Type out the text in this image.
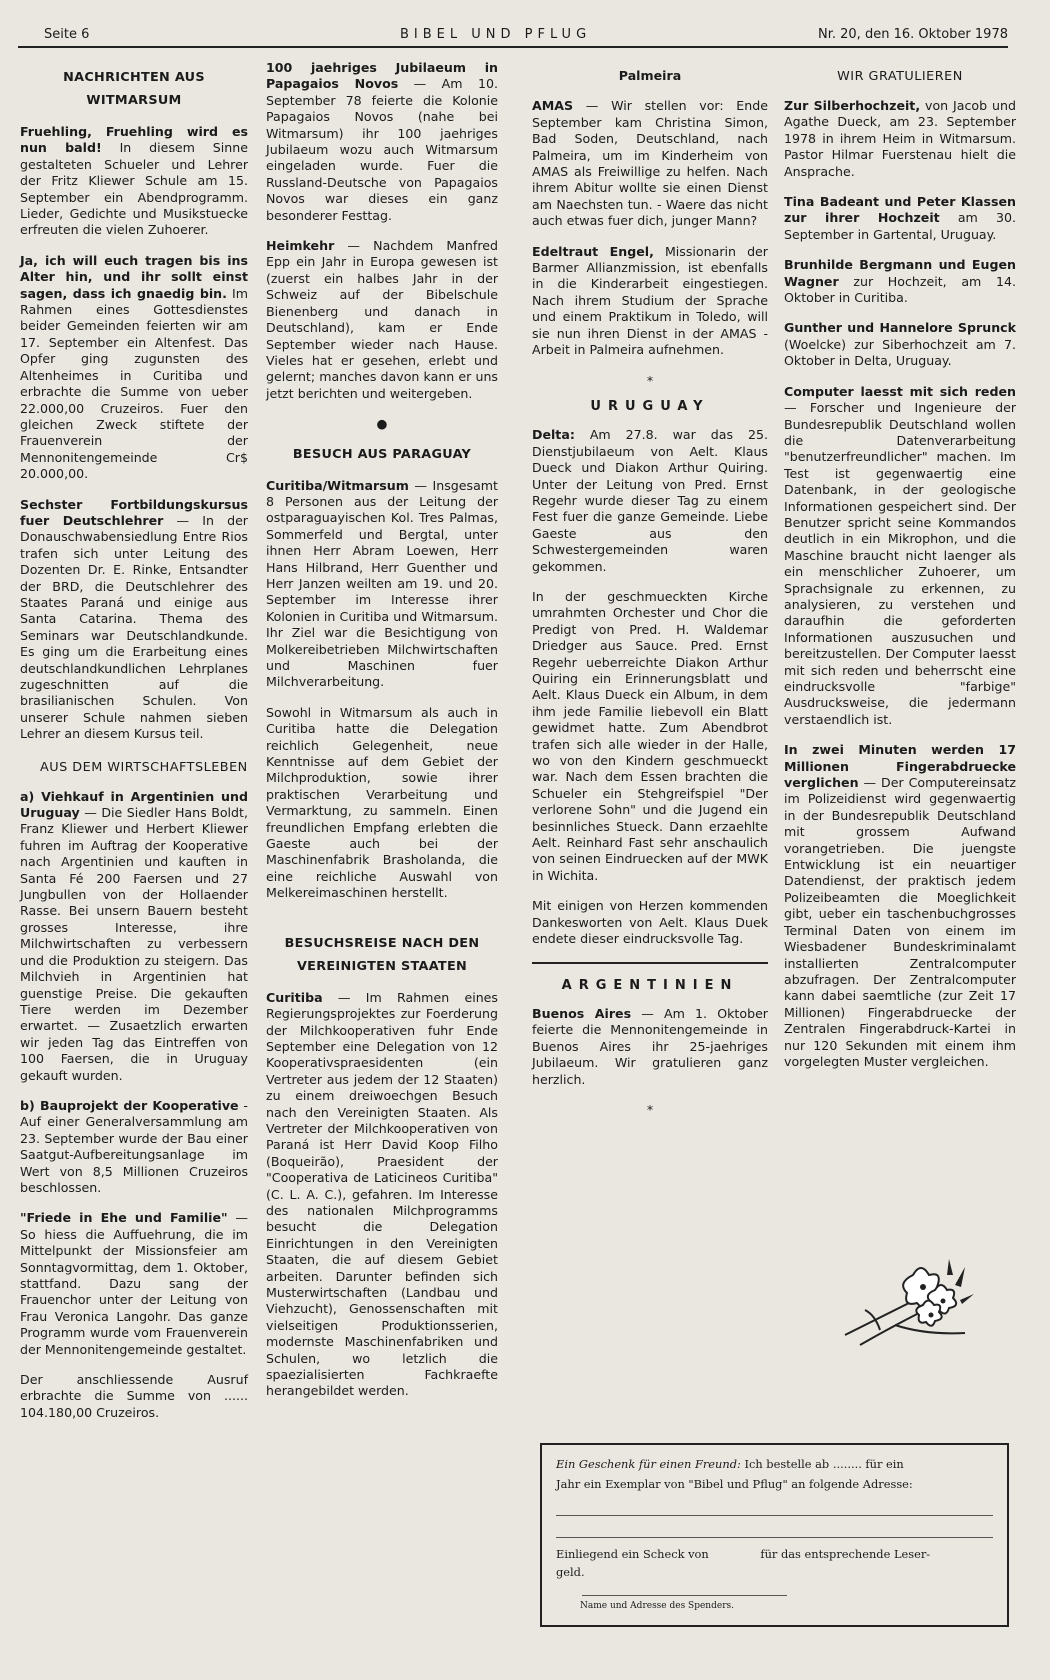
Seite 6	BIBEL UND PFLUG	Nr. 20, den 16. Oktober 1978
NACHRICHTEN AUS WITMARSUM

Fruehling, Fruehling wird es nun bald! In diesem Sinne gestalteten Schueler und Lehrer der Fritz Kliewer Schule am 15. September ein Abendprogramm. Lieder, Gedichte und Musikstuecke erfreuten die vielen Zuhoerer.

Ja, ich will euch tragen bis ins Alter hin, und ihr sollt einst sagen, dass ich gnaedig bin. Im Rahmen eines Gottesdienstes beider Gemeinden feierten wir am 17. September ein Altenfest. Das Opfer ging zugunsten des Altenheimes in Curitiba und erbrachte die Summe von ueber 22.000,00 Cruzeiros. Fuer den gleichen Zweck stiftete der Frauenverein der Mennonitengemeinde Cr$ 20.000,00.

Sechster Fortbildungskursus fuer Deutschlehrer — In der Donauschwabensiedlung Entre Rios trafen sich unter Leitung des Dozenten Dr. E. Rinke, Entsandter der BRD, die Deutschlehrer des Staates Paraná und einige aus Santa Catarina. Thema des Seminars war Deutschlandkunde. Es ging um die Erarbeitung eines deutschlandkundlichen Lehrplanes zugeschnitten auf die brasilianischen Schulen. Von unserer Schule nahmen sieben Lehrer an diesem Kursus teil.

AUS DEM WIRTSCHAFTSLEBEN

a) Viehkauf in Argentinien und Uruguay — Die Siedler Hans Boldt, Franz Kliewer und Herbert Kliewer fuhren im Auftrag der Kooperative nach Argentinien und kauften in Santa Fé 200 Faersen und 27 Jungbullen von der Hollaender Rasse. Bei unsern Bauern besteht grosses Interesse, ihre Milchwirtschaften zu verbessern und die Produktion zu steigern. Das Milchvieh in Argentinien hat guenstige Preise. Die gekauften Tiere werden im Dezember erwartet. — Zusaetzlich erwarten wir jeden Tag das Eintreffen von 100 Faersen, die in Uruguay gekauft wurden.

b) Bauprojekt der Kooperative - Auf einer Generalversammlung am 23. September wurde der Bau einer Saatgut-Aufbereitungsanlage im Wert von 8,5 Millionen Cruzeiros beschlossen.

"Friede in Ehe und Familie" — So hiess die Auffuehrung, die im Mittelpunkt der Missionsfeier am Sonntagvormittag, dem 1. Oktober, stattfand. Dazu sang der Frauenchor unter der Leitung von Frau Veronica Langohr. Das ganze Programm wurde vom Frauenverein der Mennonitengemeinde gestaltet.

Der anschliessende Ausruf erbrachte die Summe von ...... 104.180,00 Cruzeiros.

100 jaehriges Jubilaeum in Papagaios Novos — Am 10. September 78 feierte die Kolonie Papagaios Novos (nahe bei Witmarsum) ihr 100 jaehriges Jubilaeum wozu auch Witmarsum eingeladen wurde. Fuer die Russland-Deutsche von Papagaios Novos war dieses ein ganz besonderer Festtag.

Heimkehr — Nachdem Manfred Epp ein Jahr in Europa gewesen ist (zuerst ein halbes Jahr in der Schweiz auf der Bibelschule Bienenberg und danach in Deutschland), kam er Ende September wieder nach Hause. Vieles hat er gesehen, erlebt und gelernt; manches davon kann er uns jetzt berichten und weitergeben.

●
BESUCH AUS PARAGUAY

Curitiba/Witmarsum — Insgesamt 8 Personen aus der Leitung der ostparaguayischen Kol. Tres Palmas, Sommerfeld und Bergtal, unter ihnen Herr Abram Loewen, Herr Hans Hilbrand, Herr Guenther und Herr Janzen weilten am 19. und 20. September im Interesse ihrer Kolonien in Curitiba und Witmarsum. Ihr Ziel war die Besichtigung von Molkereibetrieben Milchwirtschaften und Maschinen fuer Milchverarbeitung.

Sowohl in Witmarsum als auch in Curitiba hatte die Delegation reichlich Gelegenheit, neue Kenntnisse auf dem Gebiet der Milchproduktion, sowie ihrer praktischen Verarbeitung und Vermarktung, zu sammeln. Einen freundlichen Empfang erlebten die Gaeste auch bei der Maschinenfabrik Brasholanda, die eine reichliche Auswahl von Melkereimaschinen herstellt.

BESUCHSREISE NACH DEN VEREINIGTEN STAATEN

Curitiba — Im Rahmen eines Regierungsprojektes zur Foerderung der Milchkooperativen fuhr Ende September eine Delegation von 12 Kooperativspraesidenten (ein Vertreter aus jedem der 12 Staaten) zu einem dreiwoechgen Besuch nach den Vereinigten Staaten. Als Vertreter der Milchkooperativen von Paraná ist Herr David Koop Filho (Boqueirão), Praesident der "Cooperativa de Laticineos Curitiba" (C. L. A. C.), gefahren. Im Interesse des nationalen Milchprogramms besucht die Delegation Einrichtungen in den Vereinigten Staaten, die auf diesem Gebiet arbeiten. Darunter befinden sich Musterwirtschaften (Landbau und Viehzucht), Genossenschaften mit vielseitigen Produktionsserien, modernste Maschinenfabriken und Schulen, wo letzlich die spaezialisierten Fachkraefte herangebildet werden.

Palmeira

AMAS — Wir stellen vor: Ende September kam Christina Simon, Bad Soden, Deutschland, nach Palmeira, um im Kinderheim von AMAS als Freiwillige zu helfen. Nach ihrem Abitur wollte sie einen Dienst am Naechsten tun. - Waere das nicht auch etwas fuer dich, junger Mann?

Edeltraut Engel, Missionarin der Barmer Allianzmission, ist ebenfalls in die Kinderarbeit eingestiegen. Nach ihrem Studium der Sprache und einem Praktikum in Toledo, will sie nun ihren Dienst in der AMAS - Arbeit in Palmeira aufnehmen.

*
URUGUAY

Delta: Am 27.8. war das 25. Dienstjubilaeum von Aelt. Klaus Dueck und Diakon Arthur Quiring. Unter der Leitung von Pred. Ernst Regehr wurde dieser Tag zu einem Fest fuer die ganze Gemeinde. Liebe Gaeste aus den Schwestergemeinden waren gekommen.

In der geschmueckten Kirche umrahmten Orchester und Chor die Predigt von Pred. H. Waldemar Driedger aus Sauce. Pred. Ernst Regehr ueberreichte Diakon Arthur Quiring ein Erinnerungsblatt und Aelt. Klaus Dueck ein Album, in dem ihm jede Familie liebevoll ein Blatt gewidmet hatte. Zum Abendbrot trafen sich alle wieder in der Halle, wo von den Kindern geschmueckt war. Nach dem Essen brachten die Schueler ein Stehgreifspiel "Der verlorene Sohn" und die Jugend ein besinnliches Stueck. Dann erzaehlte Aelt. Reinhard Fast sehr anschaulich von seinen Eindruecken auf der MWK in Wichita.

Mit einigen von Herzen kommenden Dankesworten von Aelt. Klaus Duek endete dieser eindrucksvolle Tag.

ARGENTINIEN

Buenos Aires — Am 1. Oktober feierte die Mennonitengemeinde in Buenos Aires ihr 25-jaehriges Jubilaeum. Wir gratulieren ganz herzlich.

*
WIR GRATULIEREN

Zur Silberhochzeit, von Jacob und Agathe Dueck, am 23. September 1978 in ihrem Heim in Witmarsum. Pastor Hilmar Fuerstenau hielt die Ansprache.

Tina Badeant und Peter Klassen zur ihrer Hochzeit am 30. September in Gartental, Uruguay.

Brunhilde Bergmann und Eugen Wagner zur Hochzeit, am 14. Oktober in Curitiba.

Gunther und Hannelore Sprunck (Woelcke) zur Siberhochzeit am 7. Oktober in Delta, Uruguay.

Computer laesst mit sich reden — Forscher und Ingenieure der Bundesrepublik Deutschland wollen die Datenverarbeitung "benutzerfreundlicher" machen. Im Test ist gegenwaertig eine Datenbank, in der geologische Informationen gespeichert sind. Der Benutzer spricht seine Kommandos deutlich in ein Mikrophon, und die Maschine braucht nicht laenger als ein menschlicher Zuhoerer, um Sprachsignale zu erkennen, zu analysieren, zu verstehen und daraufhin die geforderten Informationen auszusuchen und bereitzustellen. Der Computer laesst mit sich reden und beherrscht eine eindrucksvolle "farbige" Ausdrucksweise, die jedermann verstaendlich ist.

In zwei Minuten werden 17 Millionen Fingerabdruecke verglichen — Der Computereinsatz im Polizeidienst wird gegenwaertig in der Bundesrepublik Deutschland mit grossem Aufwand vorangetrieben. Die juengste Entwicklung ist ein neuartiger Datendienst, der praktisch jedem Polizeibeamten die Moeglichkeit gibt, ueber ein taschenbuchgrosses Terminal Daten von einem im Wiesbadener Bundeskriminalamt installierten Zentralcomputer abzufragen. Der Zentralcomputer kann dabei saemtliche (zur Zeit 17 Millionen) Fingerabdruecke der Zentralen Fingerabdruck-Kartei in nur 120 Sekunden mit einem ihm vorgelegten Muster vergleichen.

Ein Geschenk für einen Freund: Ich bestelle ab ........ für ein
Jahr ein Exemplar von "Bibel und Pflug" an folgende Adresse:
Einliegend ein Scheck von	für das entsprechende Leser-
geld.
Name und Adresse des Spenders.
